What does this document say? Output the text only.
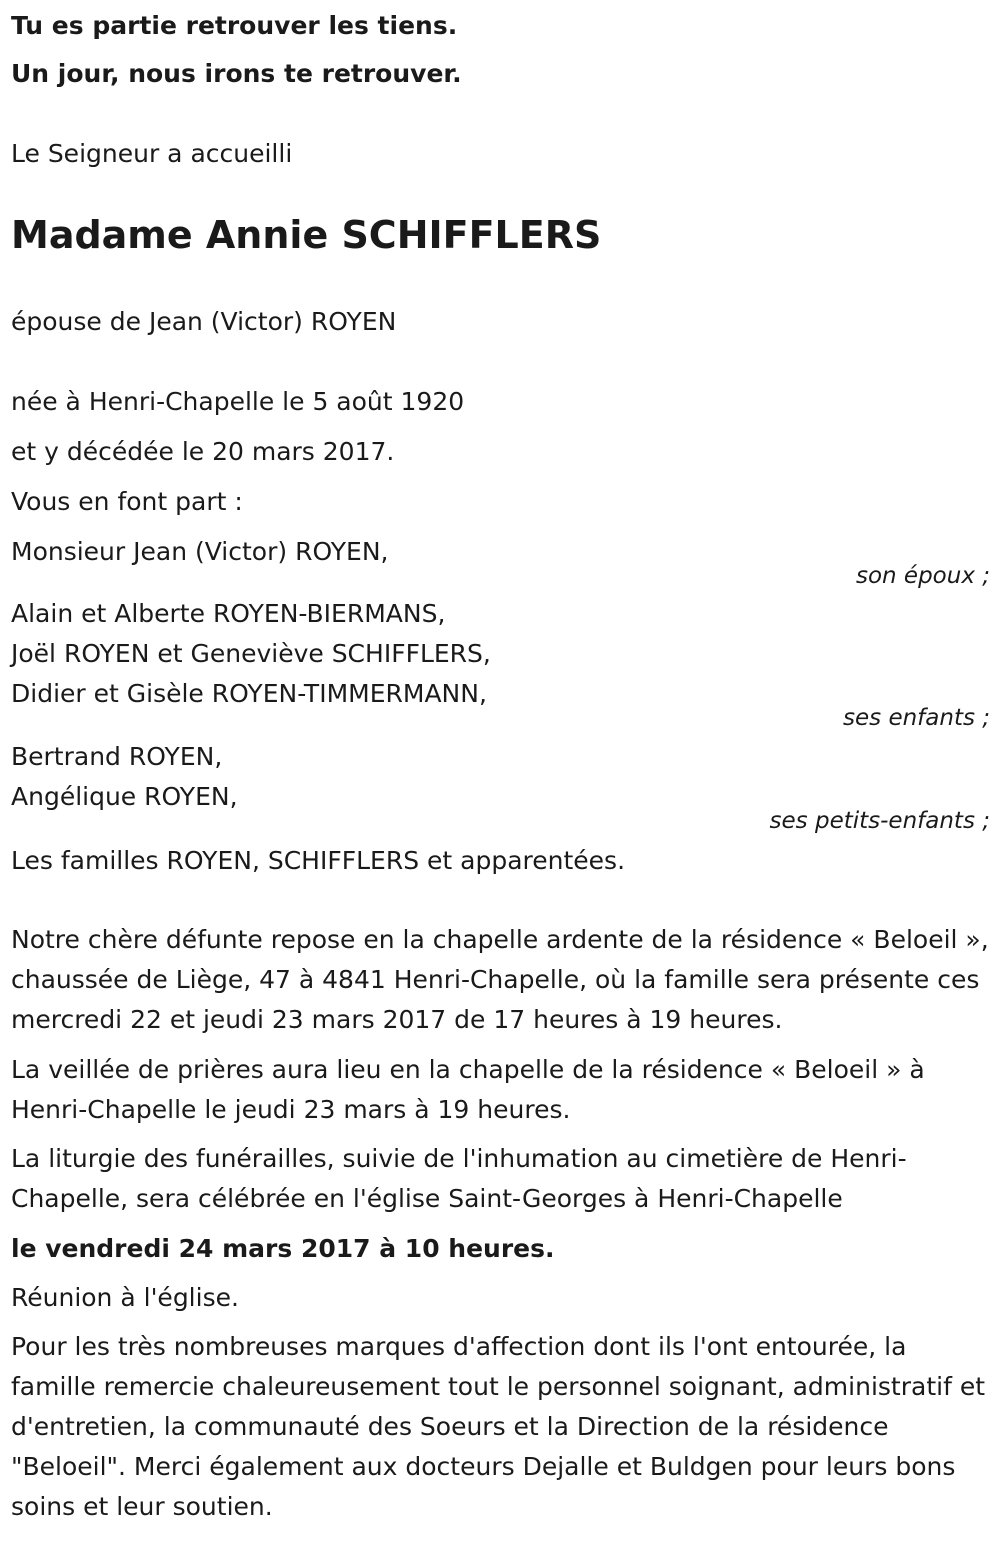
Tu es partie retrouver les tiens.
Un jour, nous irons te retrouver.
Le Seigneur a accueilli
Madame Annie SCHIFFLERS
épouse de Jean (Victor) ROYEN
née à Henri-Chapelle le 5 août 1920
et y décédée le 20 mars 2017.
Vous en font part :
Monsieur Jean (Victor) ROYEN,
son époux ;
Alain et Alberte ROYEN-BIERMANS,
Joël ROYEN et Geneviève SCHIFFLERS,
Didier et Gisèle ROYEN-TIMMERMANN,
ses enfants ;
Bertrand ROYEN,
Angélique ROYEN,
ses petits-enfants ;
Les familles ROYEN, SCHIFFLERS et apparentées.
Notre chère défunte repose en la chapelle ardente de la résidence « Beloeil », chaussée de Liège, 47 à 4841 Henri-Chapelle, où la famille sera présente ces mercredi 22 et jeudi 23 mars 2017 de 17 heures à 19 heures.
La veillée de prières aura lieu en la chapelle de la résidence « Beloeil » à Henri-Chapelle le jeudi 23 mars à 19 heures.
La liturgie des funérailles, suivie de l'inhumation au cimetière de Henri-Chapelle, sera célébrée en l'église Saint-Georges à Henri-Chapelle
le vendredi 24 mars 2017 à 10 heures.
Réunion à l'église.
Pour les très nombreuses marques d'affection dont ils l'ont entourée, la famille remercie chaleureusement tout le personnel soignant, administratif et d'entretien, la communauté des Soeurs et la Direction de la résidence "Beloeil". Merci également aux docteurs Dejalle et Buldgen pour leurs bons soins et leur soutien.
